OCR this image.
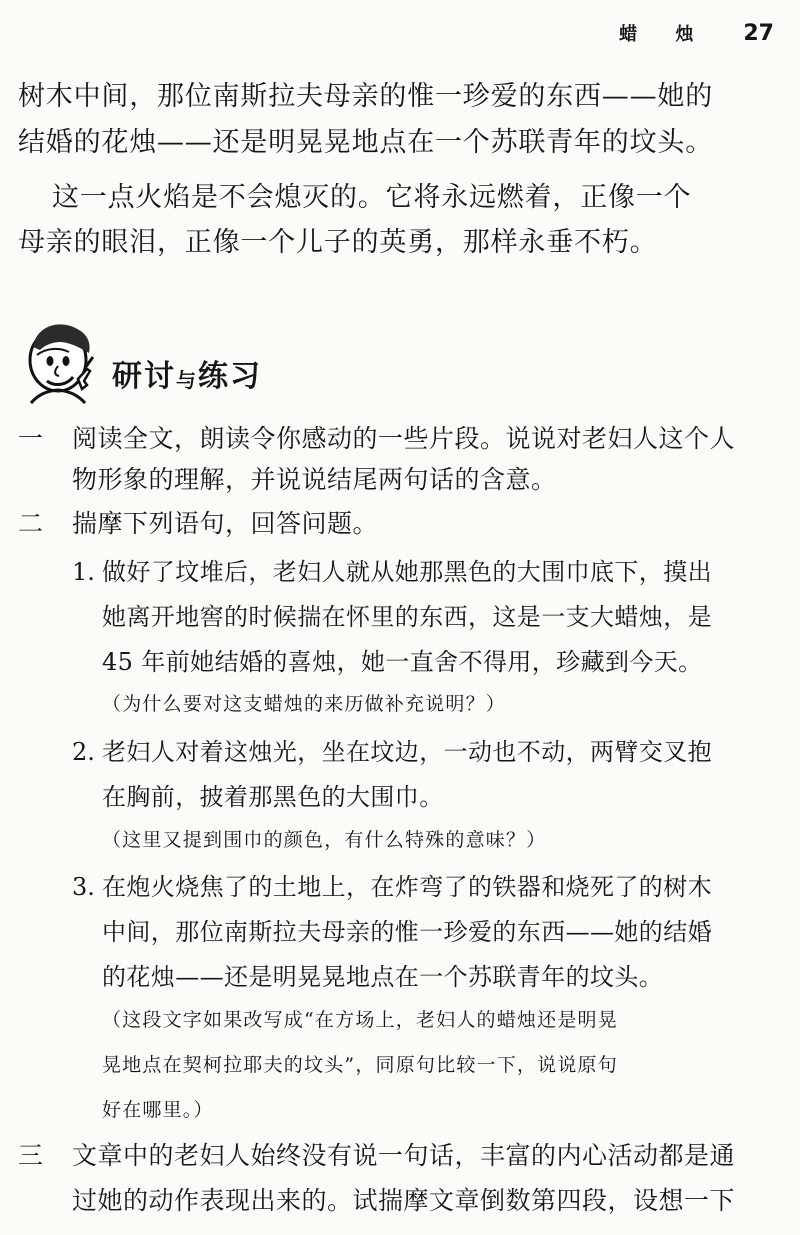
蜡 烛 27
树木中间，那位南斯拉夫母亲的惟一珍爱的东西——她的
结婚的花烛——还是明晃晃地点在一个苏联青年的坟头。
这一点火焰是不会熄灭的。它将永远燃着，正像一个
母亲的眼泪，正像一个儿子的英勇，那样永垂不朽。
研讨与练习
一 阅读全文，朗读令你感动的一些片段。说说对老妇人这个人
物形象的理解，并说说结尾两句话的含意。
二 揣摩下列语句，回答问题。
1. 做好了坟堆后，老妇人就从她那黑色的大围巾底下，摸出
她离开地窖的时候揣在怀里的东西，这是一支大蜡烛，是
45 年前她结婚的喜烛，她一直舍不得用，珍藏到今天。
（为什么要对这支蜡烛的来历做补充说明？）
2. 老妇人对着这烛光，坐在坟边，一动也不动，两臂交叉抱
在胸前，披着那黑色的大围巾。
（这里又提到围巾的颜色，有什么特殊的意味？）
3. 在炮火烧焦了的土地上，在炸弯了的铁器和烧死了的树木
中间，那位南斯拉夫母亲的惟一珍爱的东西——她的结婚
的花烛——还是明晃晃地点在一个苏联青年的坟头。
（这段文字如果改写成“在方场上，老妇人的蜡烛还是明晃
晃地点在契柯拉耶夫的坟头”，同原句比较一下，说说原句
好在哪里。）
三 文章中的老妇人始终没有说一句话，丰富的内心活动都是通
过她的动作表现出来的。试揣摩文章倒数第四段，设想一下
